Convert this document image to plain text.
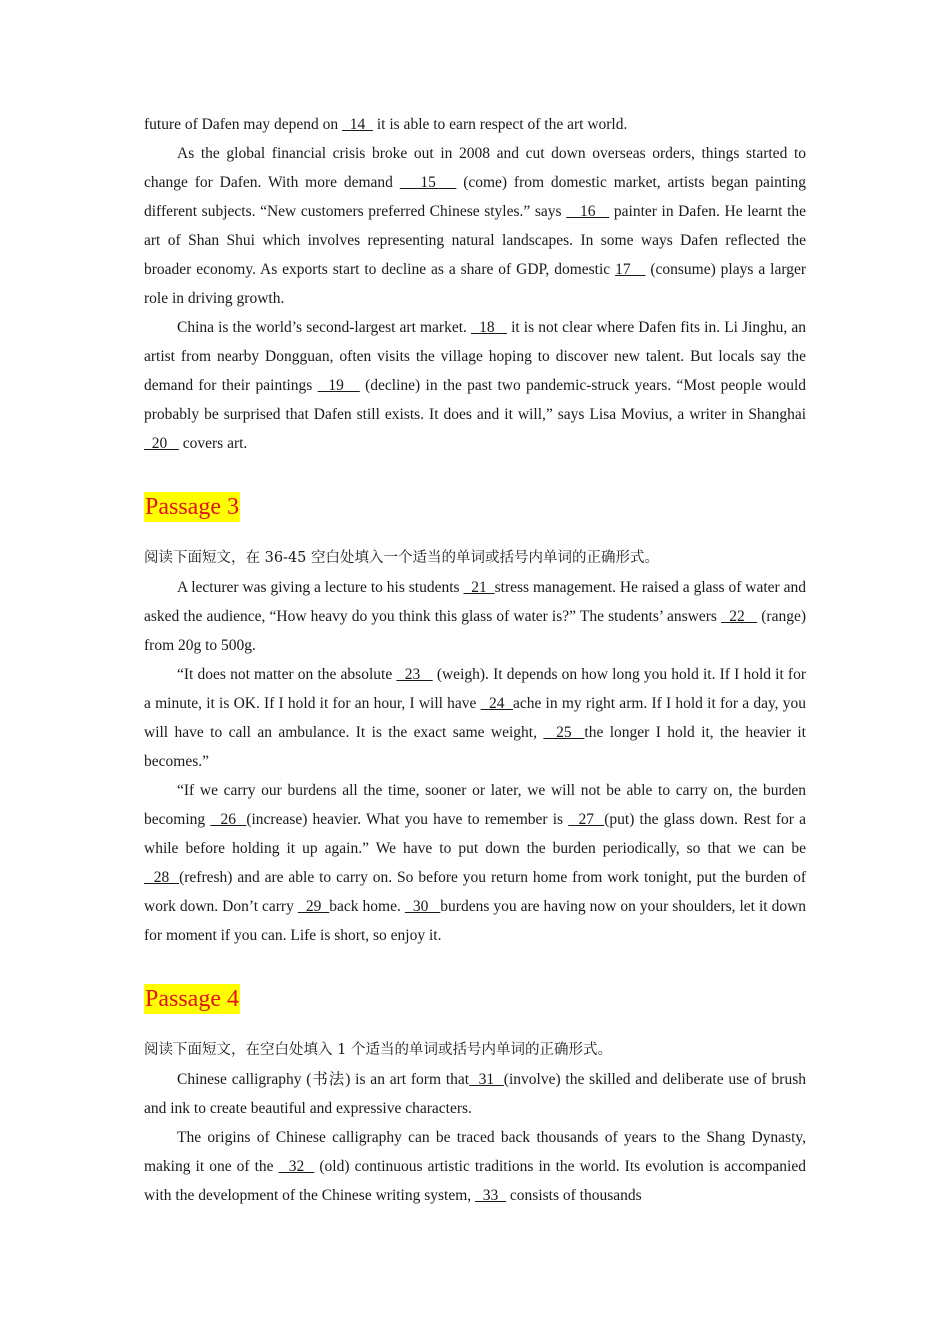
future of Dafen may depend on   14   it is able to earn respect of the art world.

As the global financial crisis broke out in 2008 and cut down overseas orders, things started to change for Dafen. With more demand    15    (come) from domestic market, artists began painting different subjects. “New customers preferred Chinese styles.” says    16    painter in Dafen. He learnt the art of Shan Shui which involves representing natural landscapes. In some ways Dafen reflected the broader economy. As exports start to decline as a share of GDP, domestic 17    (consume) plays a larger role in driving growth.

China is the world’s second-largest art market.   18    it is not clear where Dafen fits in. Li Jinghu, an artist from nearby Dongguan, often visits the village hoping to discover new talent. But locals say the demand for their paintings   19    (decline) in the past two pandemic-struck years. “Most people would probably be surprised that Dafen still exists. It does and it will,” says Lisa Movius, a writer in Shanghai   20    covers art.

Passage 3

阅读下面短文，在 36-45 空白处填入一个适当的单词或括号内单词的正确形式。

A lecturer was giving a lecture to his students   21  stress management. He raised a glass of water and asked the audience, “How heavy do you think this glass of water is?” The students’ answers   22    (range) from 20g to 500g.

“It does not matter on the absolute   23    (weigh). It depends on how long you hold it. If I hold it for a minute, it is OK. If I hold it for an hour, I will have   24  ache in my right arm. If I hold it for a day, you will have to call an ambulance. It is the exact same weight,   25  the longer I hold it, the heavier it becomes.”

“If we carry our burdens all the time, sooner or later, we will not be able to carry on, the burden becoming   26  (increase) heavier. What you have to remember is   27  (put) the glass down. Rest for a while before holding it up again.” We have to put down the burden periodically, so that we can be   28  (refresh) and are able to carry on. So before you return home from work tonight, put the burden of work down. Don’t carry   29  back home.   30   burdens you are having now on your shoulders, let it down for moment if you can. Life is short, so enjoy it.

Passage 4

阅读下面短文，在空白处填入 1 个适当的单词或括号内单词的正确形式。

Chinese calligraphy (书法) is an art form that  31  (involve) the skilled and deliberate use of brush and ink to create beautiful and expressive characters.

The origins of Chinese calligraphy can be traced back thousands of years to the Shang Dynasty, making it one of the   32   (old) continuous artistic traditions in the world. Its evolution is accompanied with the development of the Chinese writing system,   33   consists of thousands
